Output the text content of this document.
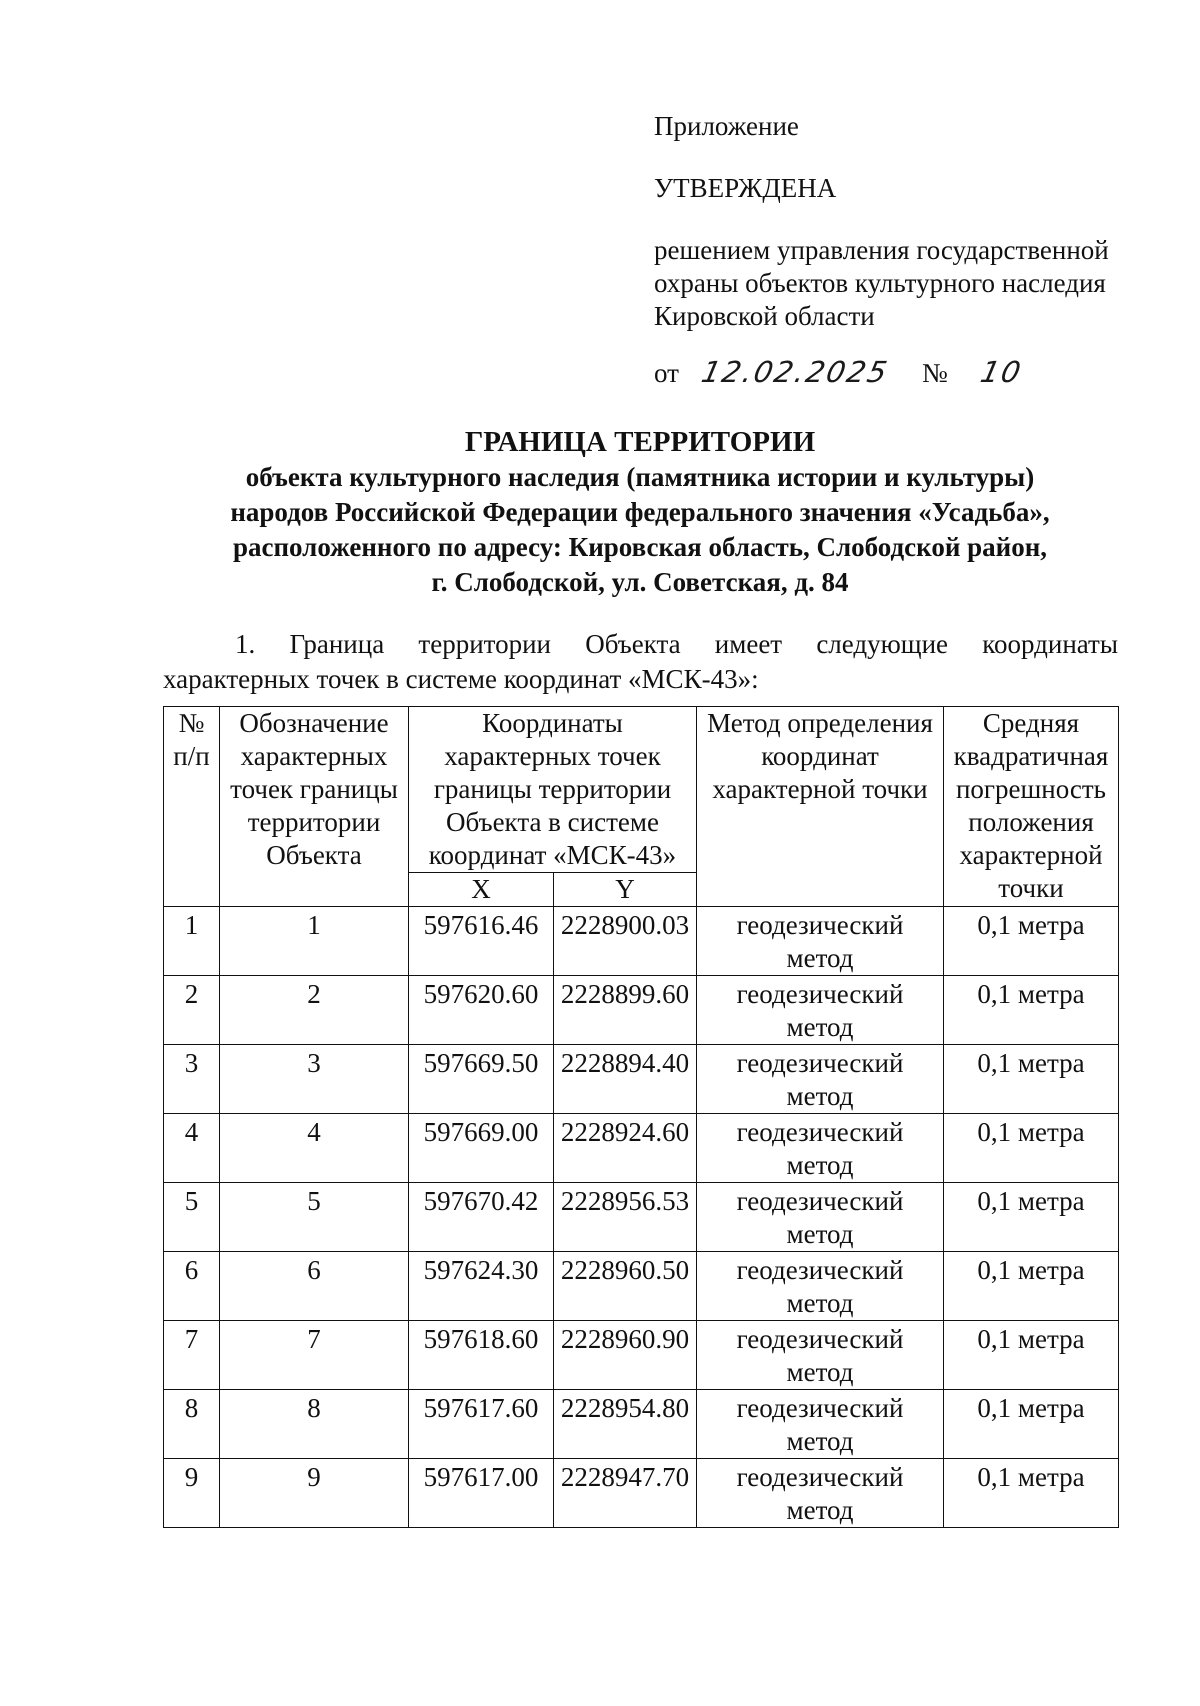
Приложение
УТВЕРЖДЕНА
решением управления государственной охраны объектов культурного наследия Кировской области
от 12.02.2025 № 10
ГРАНИЦА ТЕРРИТОРИИ
объекта культурного наследия (памятника истории и культуры)
народов Российской Федерации федерального значения «Усадьба»,
расположенного по адресу: Кировская область, Слободской район,
г. Слободской, ул. Советская, д. 84
1. Граница территории Объекта имеет следующие координаты
характерных точек в системе координат «МСК-43»:
№ п/п	Обозначение характерных точек границы территории Объекта	Координаты характерных точек границы территории Объекта в системе координат «МСК-43»		Метод определения координат характерной точки	Средняя квадратичная погрешность положения характерной точки
		X	Y		
1	1	597616.46	2228900.03	геодезический метод	0,1 метра
2	2	597620.60	2228899.60	геодезический метод	0,1 метра
3	3	597669.50	2228894.40	геодезический метод	0,1 метра
4	4	597669.00	2228924.60	геодезический метод	0,1 метра
5	5	597670.42	2228956.53	геодезический метод	0,1 метра
6	6	597624.30	2228960.50	геодезический метод	0,1 метра
7	7	597618.60	2228960.90	геодезический метод	0,1 метра
8	8	597617.60	2228954.80	геодезический метод	0,1 метра
9	9	597617.00	2228947.70	геодезический метод	0,1 метра
